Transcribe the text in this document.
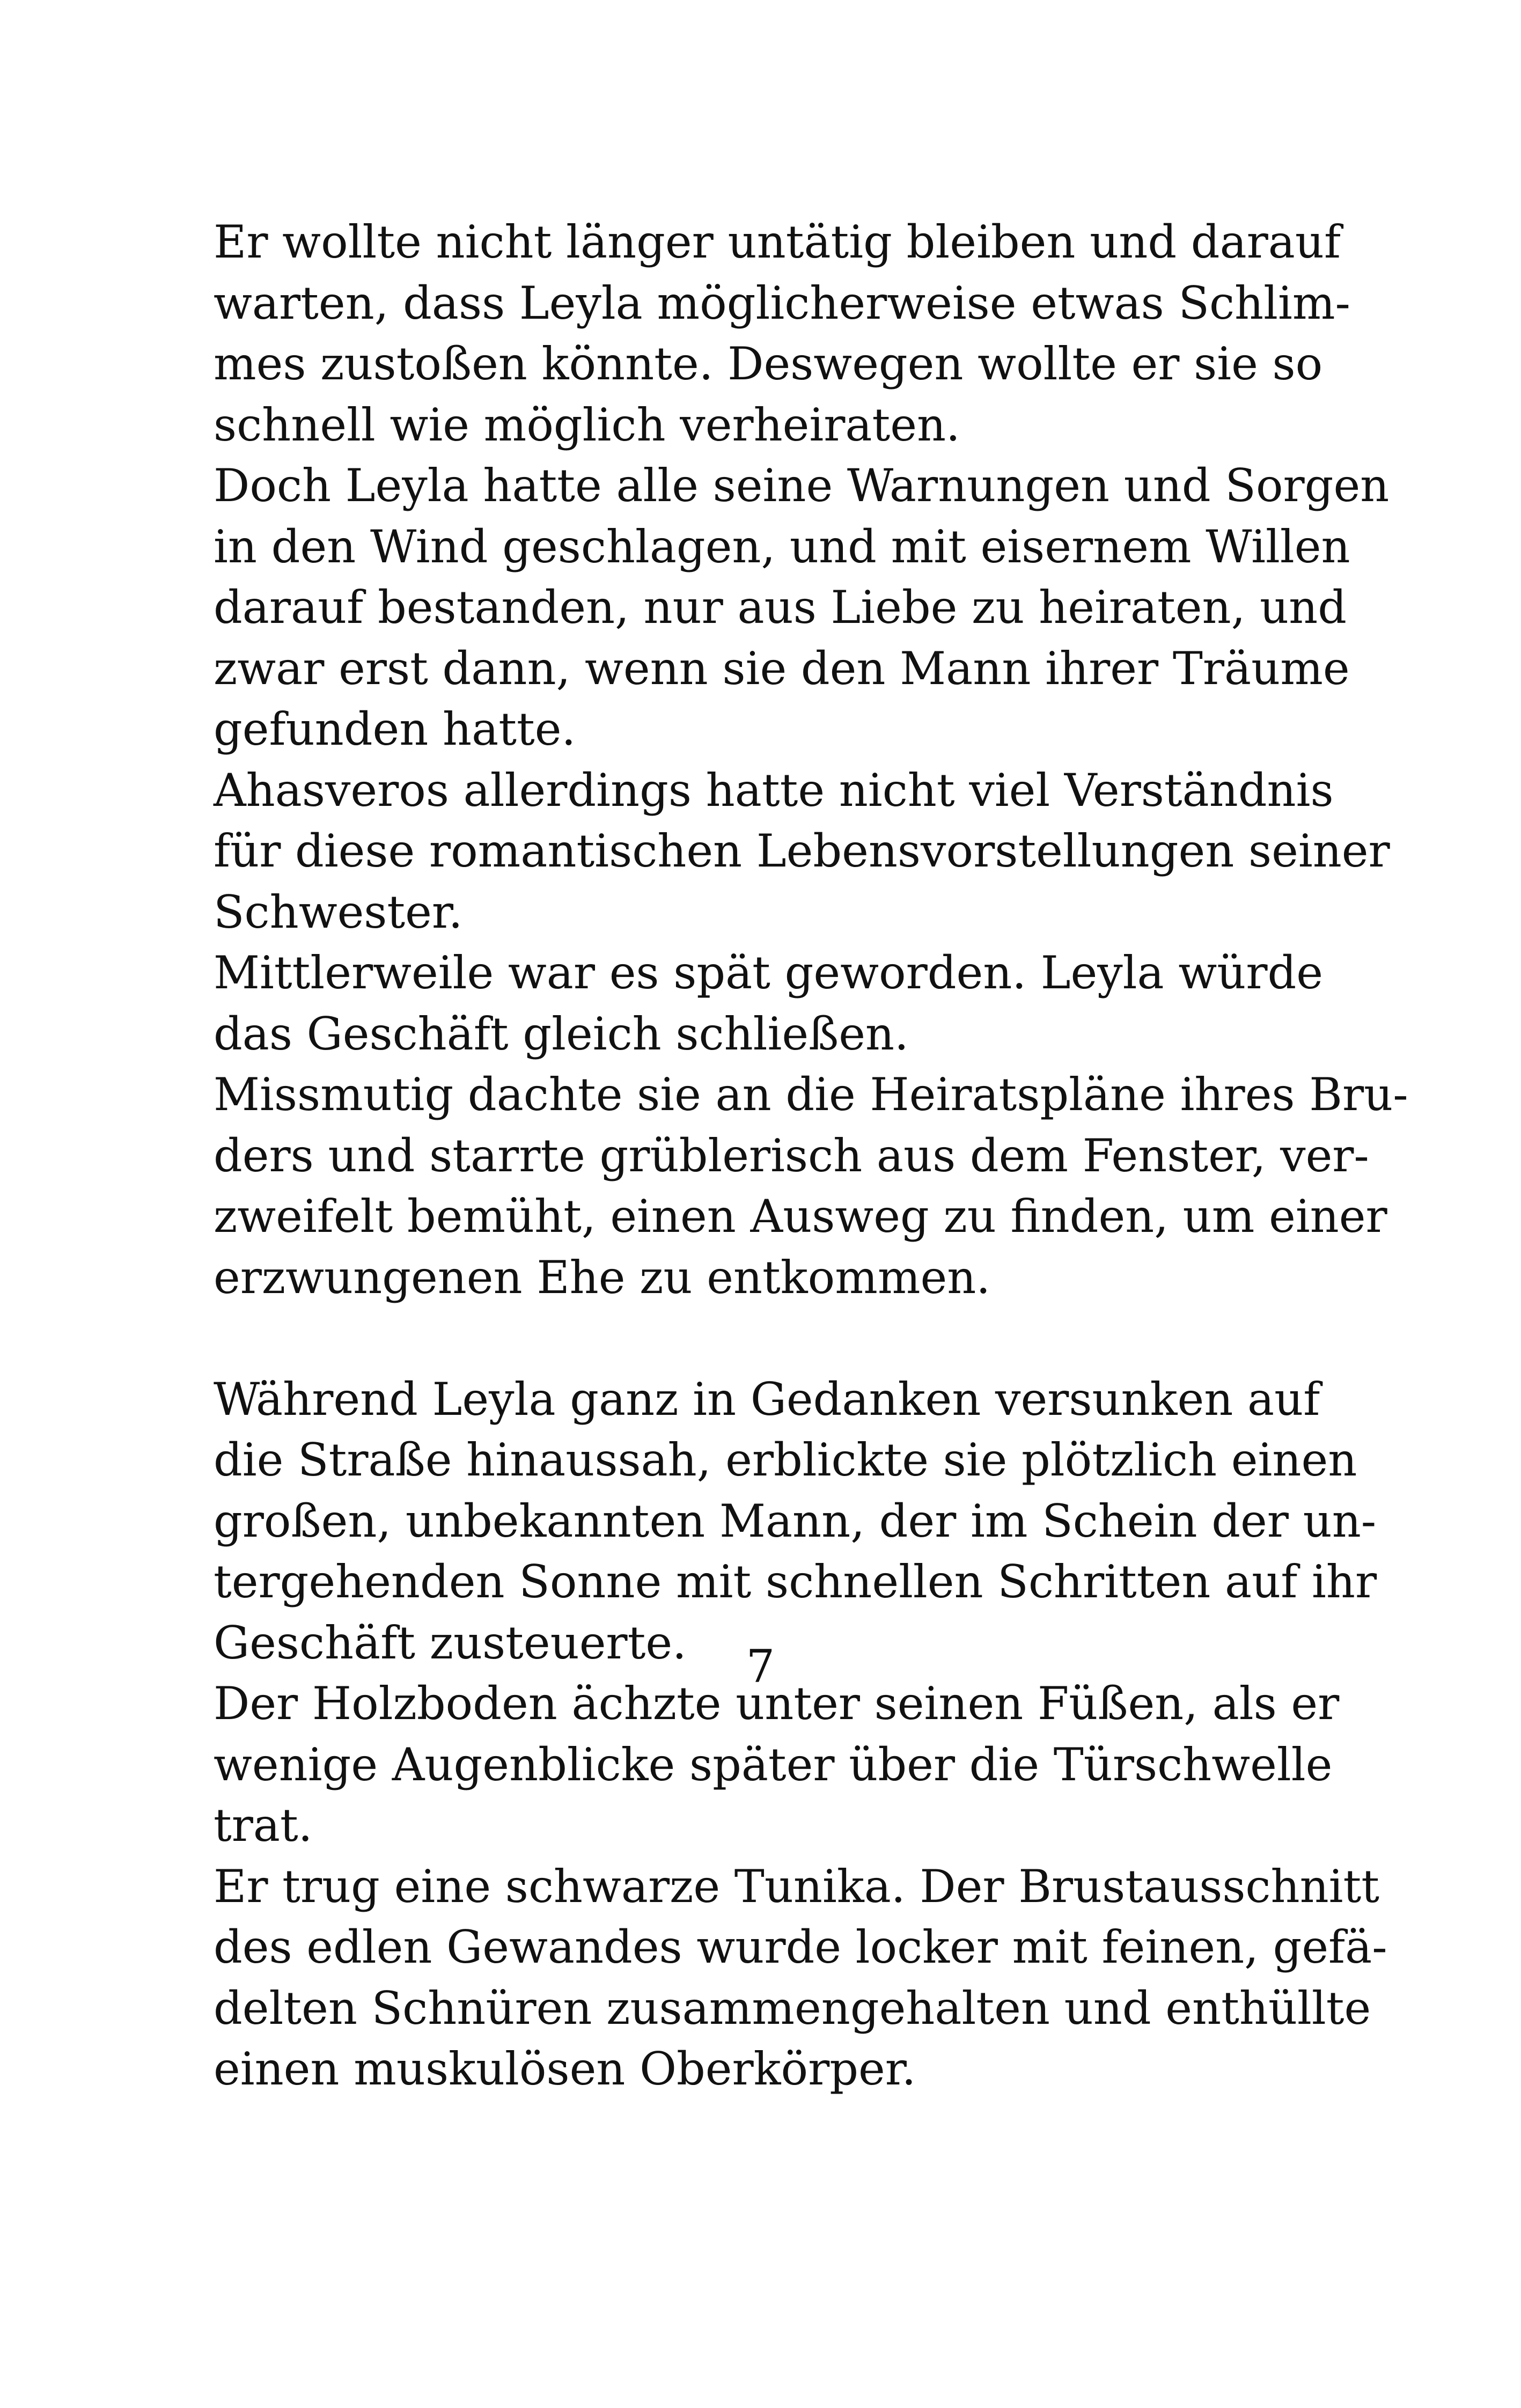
Er wollte nicht länger untätig bleiben und darauf
warten, dass Leyla möglicherweise etwas Schlim-
mes zustoßen könnte. Deswegen wollte er sie so
schnell wie möglich verheiraten.
Doch Leyla hatte alle seine Warnungen und Sorgen
in den Wind geschlagen, und mit eisernem Willen
darauf bestanden, nur aus Liebe zu heiraten, und
zwar erst dann, wenn sie den Mann ihrer Träume
gefunden hatte.
Ahasveros allerdings hatte nicht viel Verständnis
für diese romantischen Lebensvorstellungen seiner
Schwester.
Mittlerweile war es spät geworden. Leyla würde
das Geschäft gleich schließen.
Missmutig dachte sie an die Heiratspläne ihres Bru-
ders und starrte grüblerisch aus dem Fenster, ver-
zweifelt bemüht, einen Ausweg zu finden, um einer
erzwungenen Ehe zu entkommen.
Während Leyla ganz in Gedanken versunken auf
die Straße hinaussah, erblickte sie plötzlich einen
großen, unbekannten Mann, der im Schein der un-
tergehenden Sonne mit schnellen Schritten auf ihr
Geschäft zusteuerte.
Der Holzboden ächzte unter seinen Füßen, als er
wenige Augenblicke später über die Türschwelle
trat.
Er trug eine schwarze Tunika. Der Brustausschnitt
des edlen Gewandes wurde locker mit feinen, gefä-
delten Schnüren zusammengehalten und enthüllte
einen muskulösen Oberkörper.
7
